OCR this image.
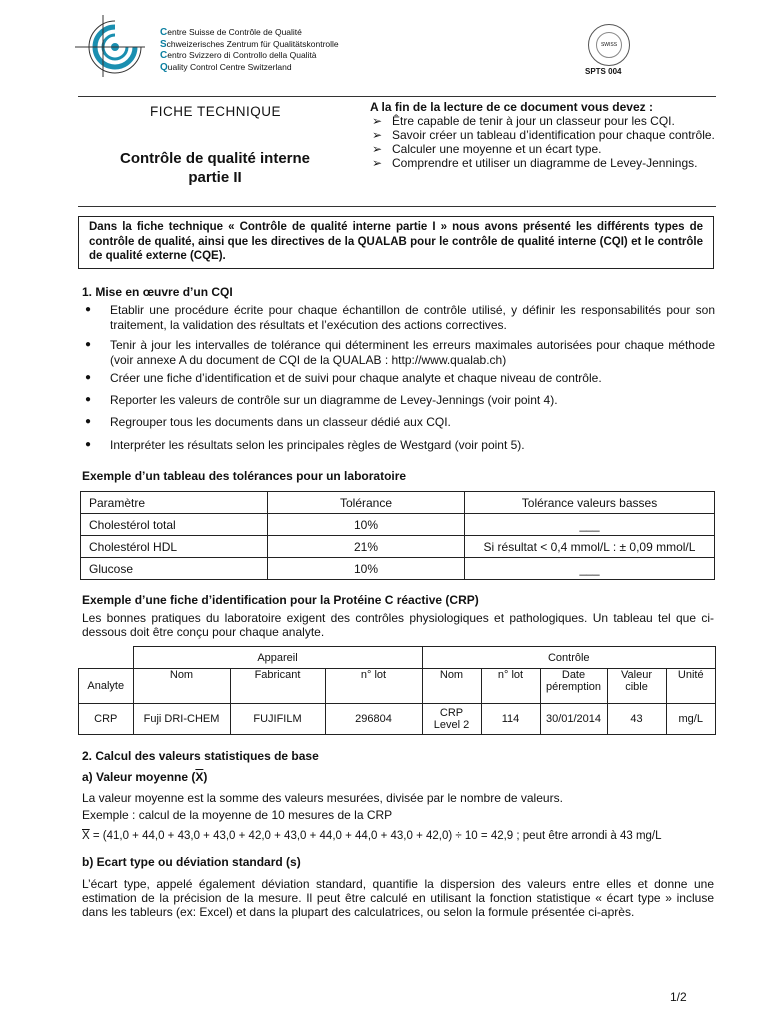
Centre Suisse de Contrôle de Qualité
Schweizerisches Zentrum für Qualitätskontrolle
Centro Svizzero di Controllo della Qualità
Quality Control Centre Switzerland
SWISS
SPTS 004
FICHE TECHNIQUE
Contrôle de qualité interne
partie II
A la fin de la lecture de ce document vous devez :
➢ Être capable de tenir à jour un classeur pour les CQI.
➢ Savoir créer un tableau d’identification pour chaque contrôle.
➢ Calculer une moyenne et un écart type.
➢ Comprendre et utiliser un diagramme de Levey-Jennings.
Dans la fiche technique « Contrôle de qualité interne partie I » nous avons présenté les différents types de contrôle de qualité, ainsi que les directives de la QUALAB pour le contrôle de qualité interne (CQI) et le contrôle de qualité externe (CQE).
1. Mise en œuvre d’un CQI
● Etablir une procédure écrite pour chaque échantillon de contrôle utilisé, y définir les responsabilités pour son traitement, la validation des résultats et l’exécution des actions correctives.
● Tenir à jour les intervalles de tolérance qui déterminent les erreurs maximales autorisées pour chaque méthode (voir annexe A du document de CQI de la QUALAB : http://www.qualab.ch)
● Créer une fiche d’identification et de suivi pour chaque analyte et chaque niveau de contrôle.
● Reporter les valeurs de contrôle sur un diagramme de Levey-Jennings (voir point 4).
● Regrouper tous les documents dans un classeur dédié aux CQI.
● Interpréter les résultats selon les principales règles de Westgard (voir point 5).
Exemple d’un tableau des tolérances pour un laboratoire
Paramètre	Tolérance	Tolérance valeurs basses
Cholestérol total	10%	___
Cholestérol HDL	21%	Si résultat < 0,4 mmol/L : ± 0,09 mmol/L
Glucose	10%	___
Exemple d’une fiche d’identification pour la Protéine C réactive (CRP)
Les bonnes pratiques du laboratoire exigent des contrôles physiologiques et pathologiques. Un tableau tel que ci-dessous doit être conçu pour chaque analyte.
	Appareil			Contrôle				
Analyte	Nom	Fabricant	n° lot	Nom	n° lot	Date péremption	Valeur cible	Unité
CRP	Fuji DRI-CHEM	FUJIFILM	296804	CRP Level 2	114	30/01/2014	43	mg/L
2. Calcul des valeurs statistiques de base
a) Valeur moyenne $(\overline{X})$
La valeur moyenne est la somme des valeurs mesurées, divisée par le nombre de valeurs.
Exemple : calcul de la moyenne de 10 mesures de la CRP
$\overline{X} = (41,0 + 44,0 + 43,0 + 43,0 + 42,0 + 43,0 + 44,0 + 44,0 + 43,0 + 42,0) \div 10 = 42,9$ ; peut être arrondi à 43 mg/L
b) Ecart type ou déviation standard (s)
L’écart type, appelé également déviation standard, quantifie la dispersion des valeurs entre elles et donne une estimation de la précision de la mesure. Il peut être calculé en utilisant la fonction statistique « écart type » incluse dans les tableurs (ex: Excel) et dans la plupart des calculatrices, ou selon la formule présentée ci-après.
1/2
